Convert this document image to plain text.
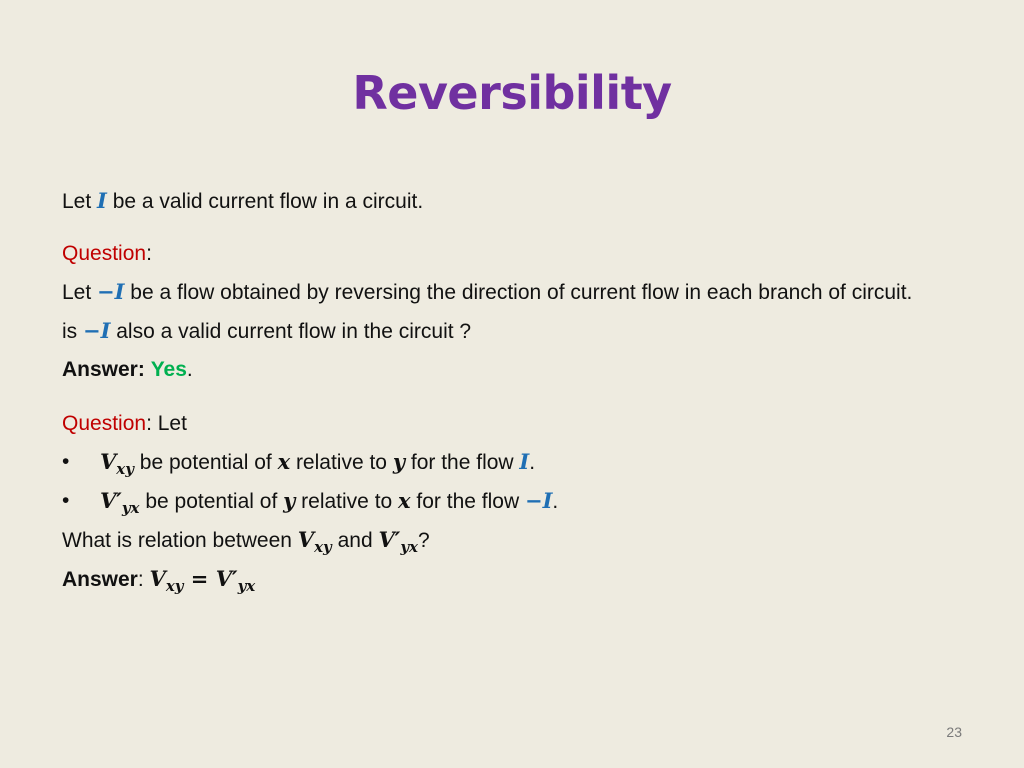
Reversibility

Let I be a valid current flow in a circuit.

Question:

Let −I be a flow obtained by reversing the direction of current flow in each branch of circuit.

is −I also a valid current flow in the circuit ?

Answer: Yes.

Question: Let

• $V_{xy}$ be potential of x relative to y for the flow I.

• $V'_{yx}$ be potential of y relative to x for the flow −I.

What is relation between $V_{xy}$ and $V'_{yx}$?

Answer: $V_{xy} = V'_{yx}$

23
